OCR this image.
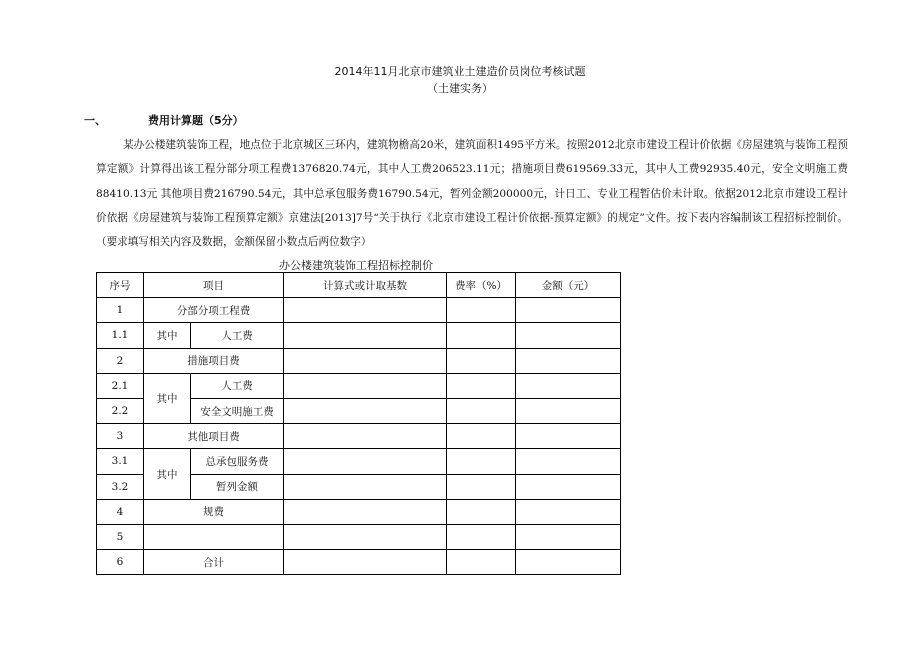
2014年11月北京市建筑业土建造价员岗位考核试题
（土建实务）
一、	费用计算题（5分）
某办公楼建筑装饰工程，地点位于北京城区三环内，建筑物檐高20米，建筑面积1495平方米。按照2012北京市建设工程计价依据《房屋建筑与装饰工程预算定额》计算得出该工程分部分项工程费1376820.74元，其中人工费206523.11元；措施项目费619569.33元，其中人工费92935.40元，安全文明施工费88410.13元 其他项目费216790.54元，其中总承包服务费16790.54元，暂列金额200000元，计日工、专业工程暂估价未计取。依据2012北京市建设工程计价依据《房屋建筑与装饰工程预算定额》京建法[2013]7号“关于执行《北京市建设工程计价依据-预算定额》的规定”文件。按下表内容编制该工程招标控制价。（要求填写相关内容及数据，金额保留小数点后两位数字）
办公楼建筑装饰工程招标控制价
序号	项目		计算式或计取基数	费率（%）	金额（元）
1	分部分项工程费				
1.1	其中	人工费			
2	措施项目费				
2.1	其中	人工费			
2.2		安全文明施工费			
3	其他项目费				
3.1	其中	总承包服务费			
3.2		暂列金额			
4	规费				
5					
6	合计				
